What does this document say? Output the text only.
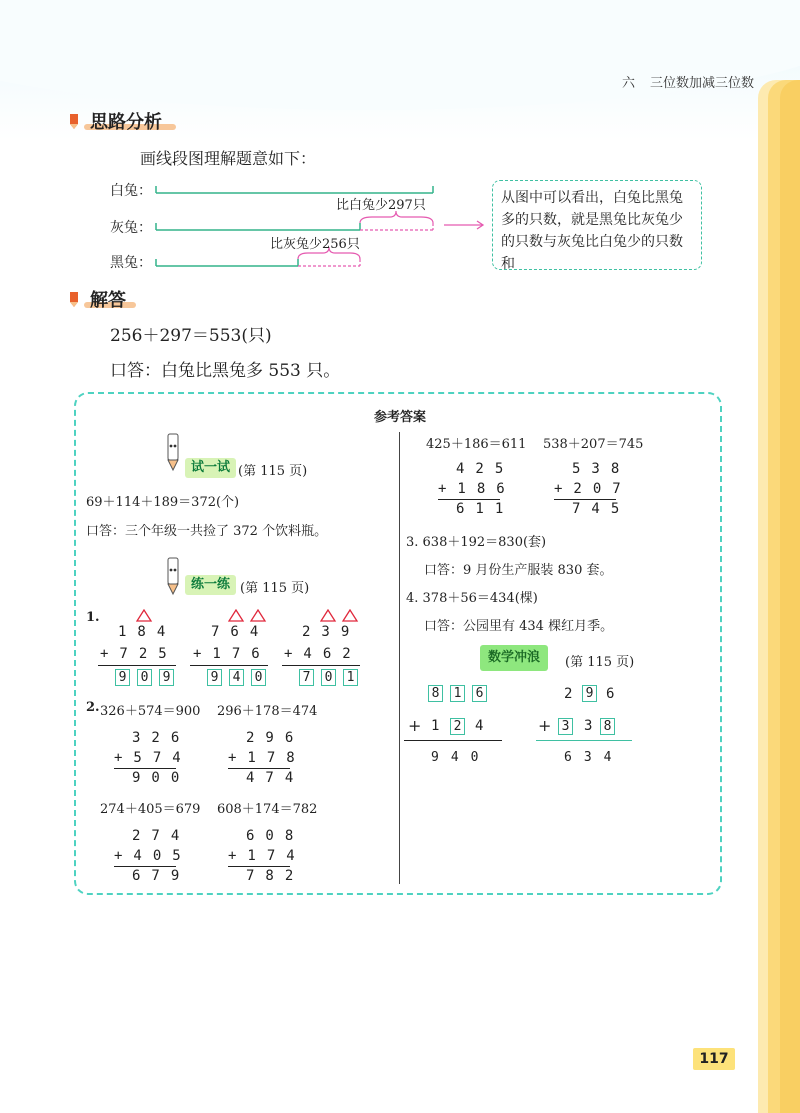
六 三位数加减三位数
思路分析
画线段图理解题意如下：
白兔：
灰兔：
黑兔：
比白兔少297只
比灰兔少256只
从图中可以看出，白兔比黑兔多的只数，就是黑兔比灰兔少的只数与灰兔比白兔少的只数和
解答
256＋297＝553(只)
口答：白兔比黑兔多 553 只。
参考答案
试一试 (第 115 页)
69＋114＋189＝372(个)
口答：三个年级一共捡了 372 个饮料瓶。
练一练 (第 115 页)
1.
184
+725
9 0 9
764
+176
9 4 0
239
+462
7 0 1
2. 326＋574＝900    296＋178＝474
326
+574
900
296
+178
474
274＋405＝679    608＋174＝782
274
+405
679
608
+174
782
425＋186＝611    538＋207＝745
425
+186
611
538
+207
745
3. 638＋192＝830(套)
口答：9 月份生产服装 830 套。
4. 378＋56＝434(棵)
口答：公园里有 434 棵红月季。
数学冲浪	(第 115 页)
8 1 6
+ 1 2 4
940
2 9 6
+ 3 3 8
634
117
